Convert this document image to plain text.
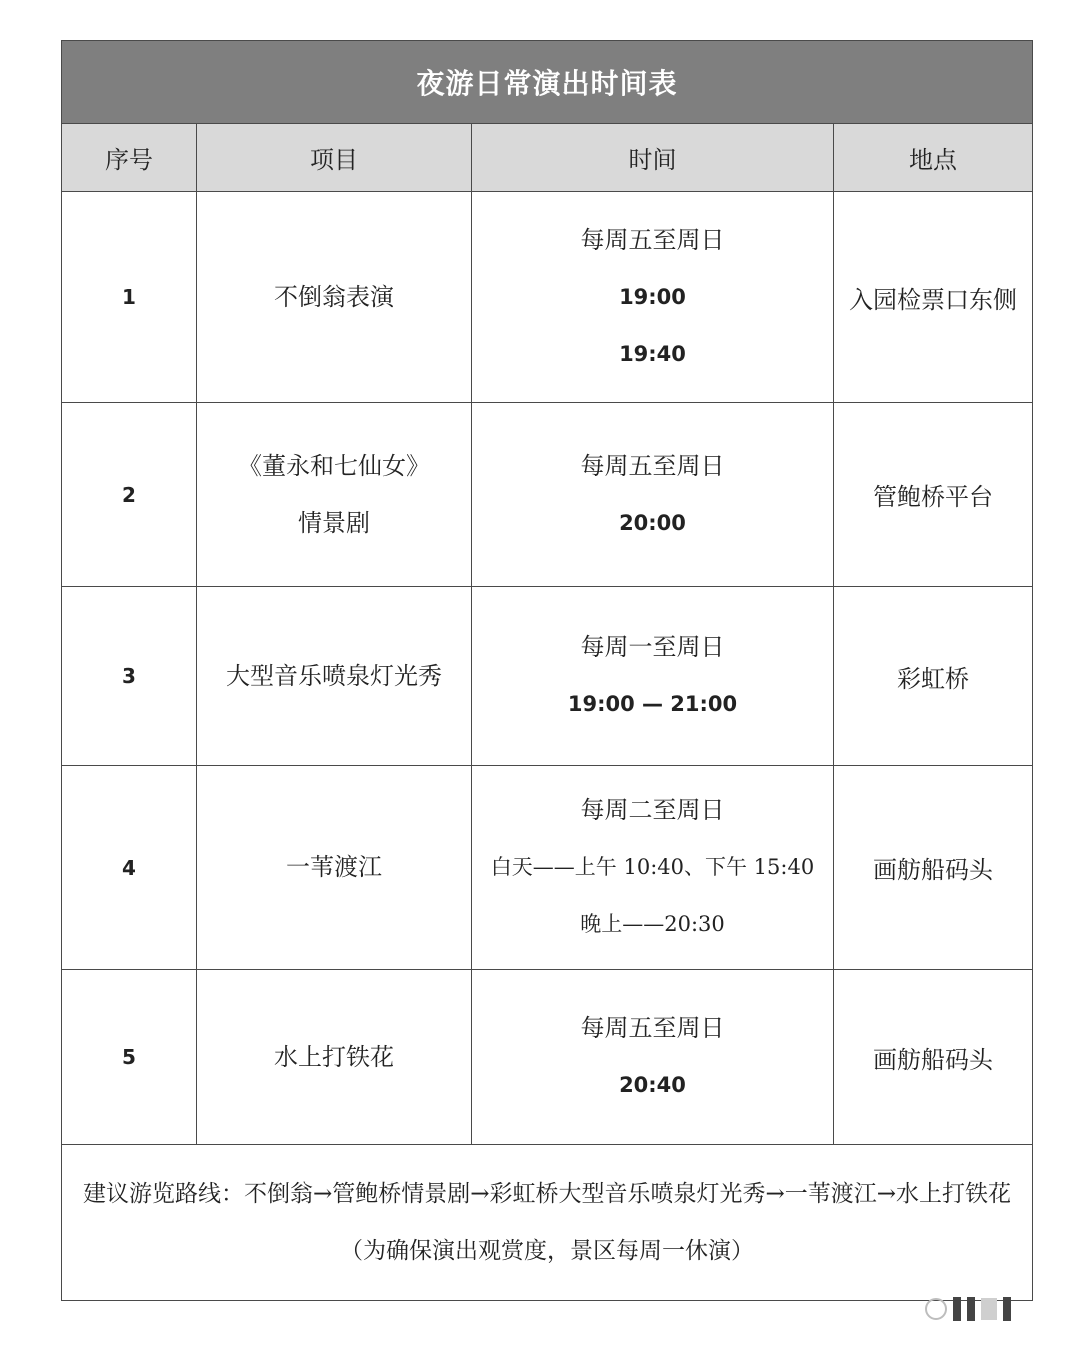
夜游日常演出时间表			
序号	项目	时间	地点
1	不倒翁表演	每周五至周日
19:00
19:40	入园检票口东侧
2	《董永和七仙女》
情景剧	每周五至周日
20:00	管鲍桥平台
3	大型音乐喷泉灯光秀	每周一至周日
19:00 — 21:00	彩虹桥
4	一苇渡江	每周二至周日
白天——上午 10:40、下午 15:40
晚上——20:30	画舫船码头
5	水上打铁花	每周五至周日
20:40	画舫船码头
建议游览路线：不倒翁→管鲍桥情景剧→彩虹桥大型音乐喷泉灯光秀→一苇渡江→水上打铁花（为确保演出观赏度，景区每周一休演）			
